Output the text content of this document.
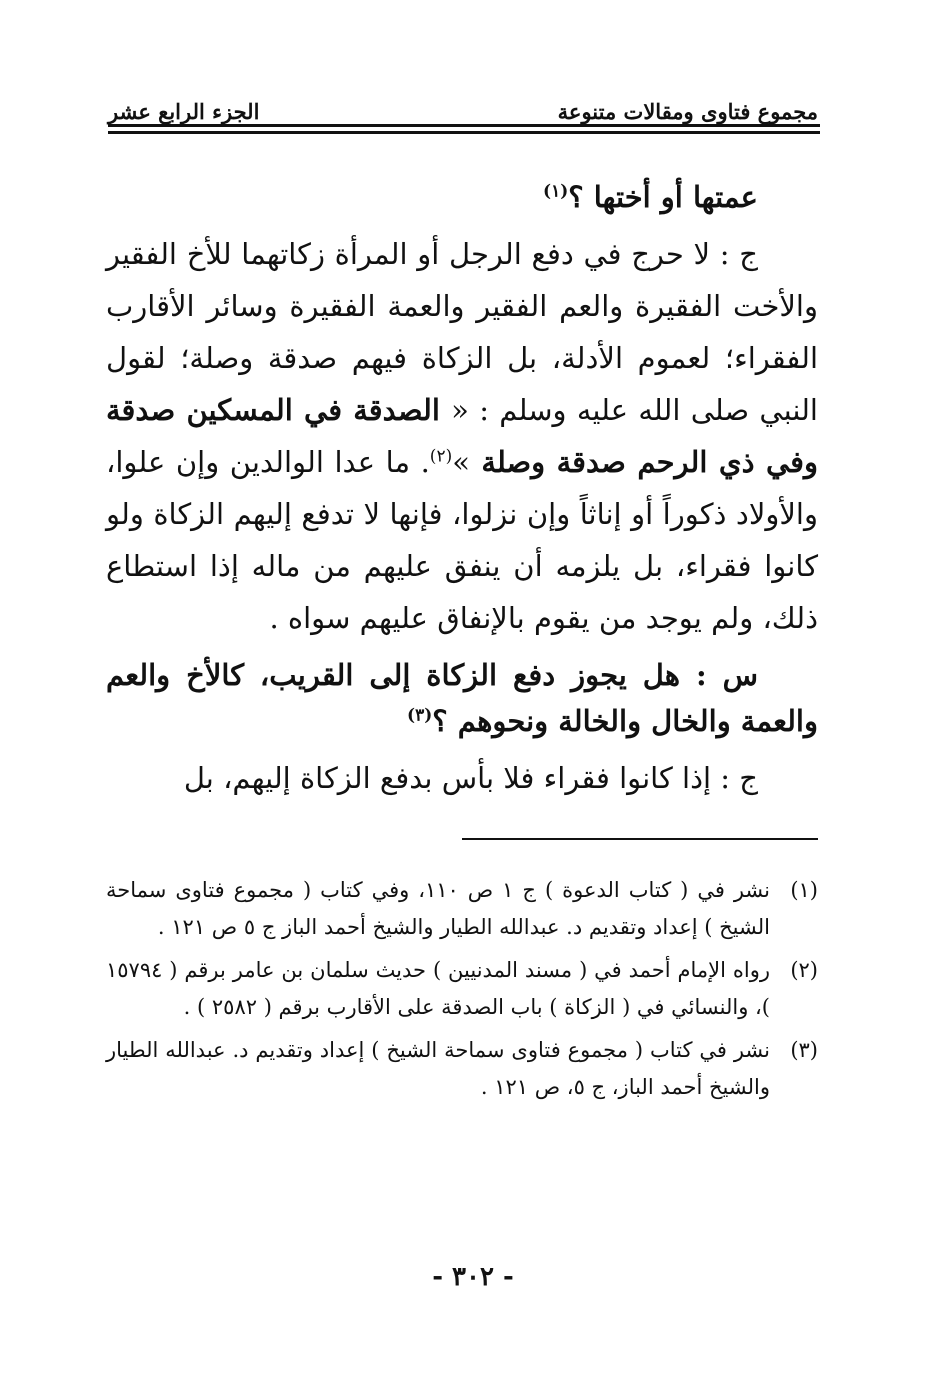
مجموع فتاوى ومقالات متنوعة
الجزء الرابع عشر

عمتها أو أختها ؟$^{(١)}$

ج : لا حرج في دفع الرجل أو المرأة زكاتهما للأخ الفقير والأخت الفقيرة والعم الفقير والعمة الفقيرة وسائر الأقارب الفقراء؛ لعموم الأدلة، بل الزكاة فيهم صدقة وصلة؛ لقول النبي صلى الله عليه وسلم : « الصدقة في المسكين صدقة وفي ذي الرحم صدقة وصلة »$^{(٢)}$. ما عدا الوالدين وإن علوا، والأولاد ذكوراً أو إناثاً وإن نزلوا، فإنها لا تدفع إليهم الزكاة ولو كانوا فقراء، بل يلزمه أن ينفق عليهم من ماله إذا استطاع ذلك، ولم يوجد من يقوم بالإنفاق عليهم سواه .

س : هل يجوز دفع الزكاة إلى القريب، كالأخ والعم والعمة والخال والخالة ونحوهم ؟$^{(٣)}$

ج : إذا كانوا فقراء فلا بأس بدفع الزكاة إليهم، بل

(١)
نشر في ( كتاب الدعوة ) ج ١ ص ١١٠، وفي كتاب ( مجموع فتاوى سماحة الشيخ ) إعداد وتقديم د. عبدالله الطيار والشيخ أحمد الباز ج ٥ ص ١٢١ .
(٢)
رواه الإمام أحمد في ( مسند المدنيين ) حديث سلمان بن عامر برقم ( ١٥٧٩٤ )، والنسائي في ( الزكاة ) باب الصدقة على الأقارب برقم ( ٢٥٨٢ ) .
(٣)
نشر في كتاب ( مجموع فتاوى سماحة الشيخ ) إعداد وتقديم د. عبدالله الطيار والشيخ أحمد الباز، ج ٥، ص ١٢١ .
- ٣٠٢ -
